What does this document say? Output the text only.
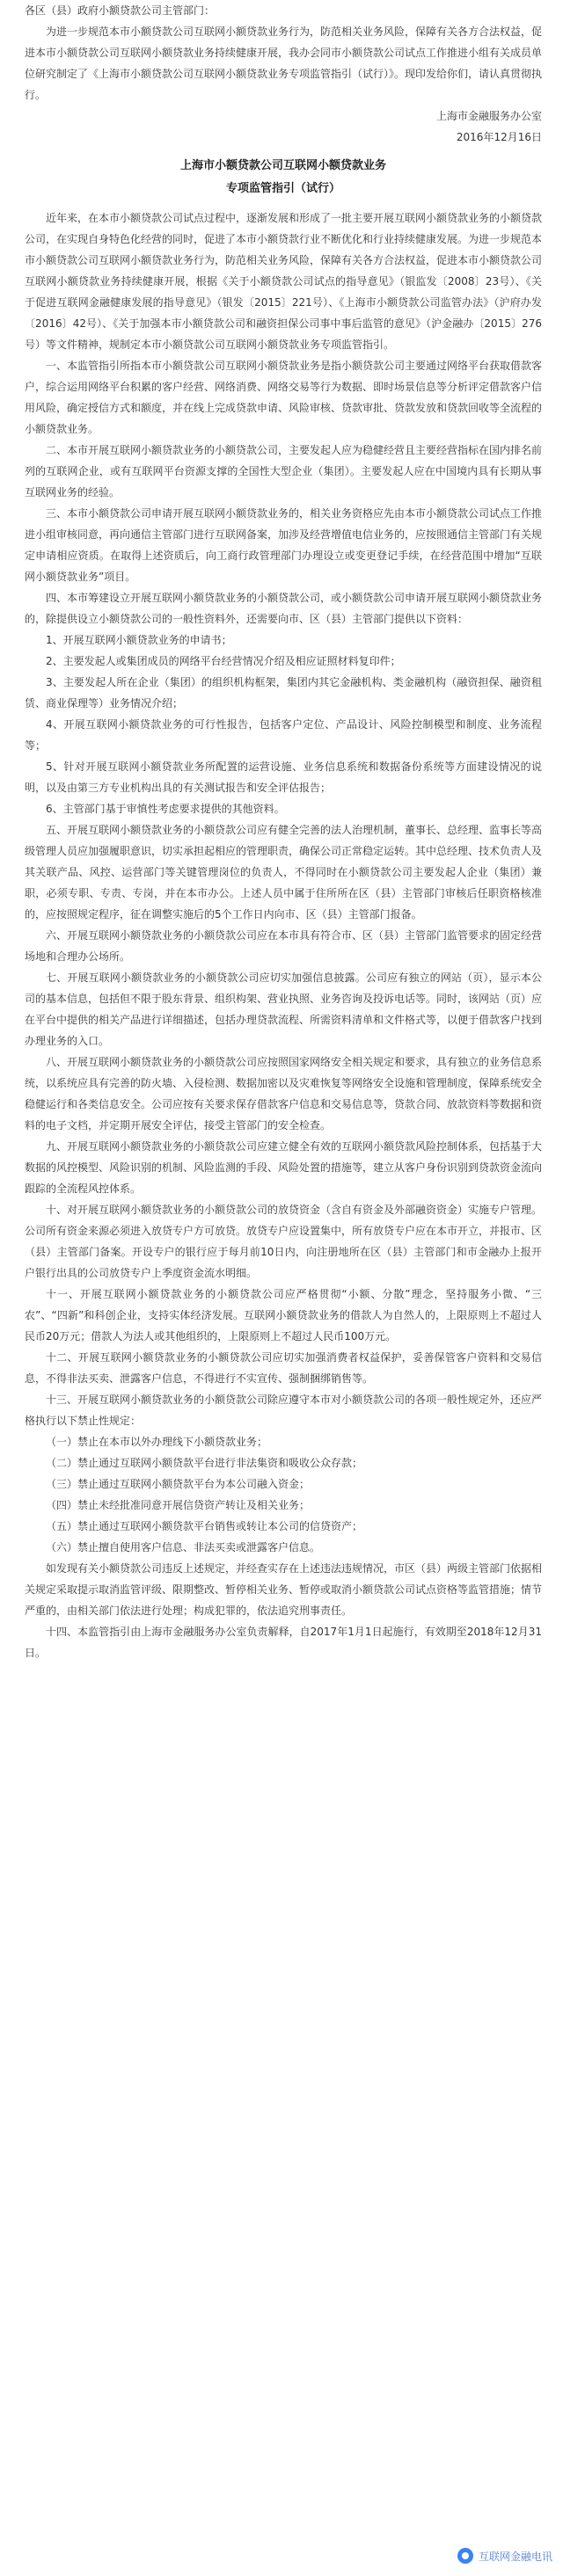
各区（县）政府小额贷款公司主管部门：

为进一步规范本市小额贷款公司互联网小额贷款业务行为，防范相关业务风险，保障有关各方合法权益，促进本市小额贷款公司互联网小额贷款业务持续健康开展，我办会同市小额贷款公司试点工作推进小组有关成员单位研究制定了《上海市小额贷款公司互联网小额贷款业务专项监管指引（试行）》。现印发给你们，请认真贯彻执行。

上海市金融服务办公室

2016年12月16日

上海市小额贷款公司互联网小额贷款业务

专项监管指引（试行）

近年来，在本市小额贷款公司试点过程中，逐渐发展和形成了一批主要开展互联网小额贷款业务的小额贷款公司，在实现自身特色化经营的同时，促进了本市小额贷款行业不断优化和行业持续健康发展。为进一步规范本市小额贷款公司互联网小额贷款业务行为，防范相关业务风险，保障有关各方合法权益，促进本市小额贷款公司互联网小额贷款业务持续健康开展，根据《关于小额贷款公司试点的指导意见》（银监发〔2008〕23号）、《关于促进互联网金融健康发展的指导意见》（银发〔2015〕221号）、《上海市小额贷款公司监管办法》（沪府办发〔2016〕42号）、《关于加强本市小额贷款公司和融资担保公司事中事后监管的意见》（沪金融办〔2015〕276号）等文件精神，规制定本市小额贷款公司互联网小额贷款业务专项监管指引。

一、本监管指引所指本市小额贷款公司互联网小额贷款业务是指小额贷款公司主要通过网络平台获取借款客户，综合运用网络平台积累的客户经营、网络消费、网络交易等行为数据、即时场景信息等分析评定借款客户信用风险，确定授信方式和额度，并在线上完成贷款申请、风险审核、贷款审批、贷款发放和贷款回收等全流程的小额贷款业务。

二、本市开展互联网小额贷款业务的小额贷款公司，主要发起人应为稳健经营且主要经营指标在国内排名前列的互联网企业，或有互联网平台资源支撑的全国性大型企业（集团）。主要发起人应在中国境内具有长期从事互联网业务的经验。

三、本市小额贷款公司申请开展互联网小额贷款业务的，相关业务资格应先由本市小额贷款公司试点工作推进小组审核同意，再向通信主管部门进行互联网备案，加涉及经营增值电信业务的，应按照通信主管部门有关规定申请相应资质。在取得上述资质后，向工商行政管理部门办理设立或变更登记手续，在经营范围中增加“互联网小额贷款业务”项目。

四、本市筹建设立开展互联网小额贷款业务的小额贷款公司，或小额贷款公司申请开展互联网小额贷款业务的，除提供设立小额贷款公司的一般性资料外，还需要向市、区（县）主管部门提供以下资料：

1、开展互联网小额贷款业务的申请书；

2、主要发起人或集团成员的网络平台经营情况介绍及相应证照材料复印件；

3、主要发起人所在企业（集团）的组织机构框架，集团内其它金融机构、类金融机构（融资担保、融资租赁、商业保理等）业务情况介绍；

4、开展互联网小额贷款业务的可行性报告，包括客户定位、产品设计、风险控制模型和制度、业务流程等；

5、针对开展互联网小额贷款业务所配置的运营设施、业务信息系统和数据备份系统等方面建设情况的说明，以及由第三方专业机构出具的有关测试报告和安全评估报告；

6、主管部门基于审慎性考虑要求提供的其他资料。

五、开展互联网小额贷款业务的小额贷款公司应有健全完善的法人治理机制，董事长、总经理、监事长等高级管理人员应加强履职意识，切实承担起相应的管理职责，确保公司正常稳定运转。其中总经理、技术负责人及其关联产品、风控、运营部门等关键管理岗位的负责人，不得同时在小额贷款公司主要发起人企业（集团）兼职，必须专职、专责、专岗，并在本市办公。上述人员中属于住所所在区（县）主管部门审核后任职资格核准的，应按照规定程序，征在调整实施后的5个工作日内向市、区（县）主管部门报备。

六、开展互联网小额贷款业务的小额贷款公司应在本市具有符合市、区（县）主管部门监管要求的固定经营场地和合理办公场所。

七、开展互联网小额贷款业务的小额贷款公司应切实加强信息披露。公司应有独立的网站（页），显示本公司的基本信息，包括但不限于股东背景、组织构架、营业执照、业务咨询及投诉电话等。同时，该网站（页）应在平台中提供的相关产品进行详细描述，包括办理贷款流程、所需资料清单和文件格式等，以便于借款客户找到办理业务的入口。

八、开展互联网小额贷款业务的小额贷款公司应按照国家网络安全相关规定和要求，具有独立的业务信息系统，以系统应具有完善的防火墙、入侵检测、数据加密以及灾难恢复等网络安全设施和管理制度，保障系统安全稳健运行和各类信息安全。公司应按有关要求保存借款客户信息和交易信息等，贷款合同、放款资料等数据和资料的电子文档，并定期开展安全评估，接受主管部门的安全检查。

九、开展互联网小额贷款业务的小额贷款公司应建立健全有效的互联网小额贷款风险控制体系，包括基于大数据的风控模型、风险识别的机制、风险监测的手段、风险处置的措施等，建立从客户身份识别到贷款资金流向跟踪的全流程风控体系。

十、对开展互联网小额贷款业务的小额贷款公司的放贷资金（含自有资金及外部融资资金）实施专户管理。公司所有资金来源必须进入放贷专户方可放贷。放贷专户应设置集中，所有放贷专户应在本市开立，并报市、区（县）主管部门备案。开设专户的银行应于每月前10日内，向注册地所在区（县）主管部门和市金融办上报开户银行出具的公司放贷专户上季度资金流水明细。

十一、开展互联网小额贷款业务的小额贷款公司应严格贯彻“小额、分散”理念，坚持服务小微、“三农”、“四新”和科创企业，支持实体经济发展。互联网小额贷款业务的借款人为自然人的，上限原则上不超过人民币20万元；借款人为法人或其他组织的，上限原则上不超过人民币100万元。

十二、开展互联网小额贷款业务的小额贷款公司应切实加强消费者权益保护，妥善保管客户资料和交易信息，不得非法买卖、泄露客户信息，不得进行不实宣传、强制捆绑销售等。

十三、开展互联网小额贷款业务的小额贷款公司除应遵守本市对小额贷款公司的各项一般性规定外，还应严格执行以下禁止性规定：

（一）禁止在本市以外办理线下小额贷款业务；

（二）禁止通过互联网小额贷款平台进行非法集资和吸收公众存款；

（三）禁止通过互联网小额贷款平台为本公司融入资金；

（四）禁止未经批准同意开展信贷资产转让及相关业务；

（五）禁止通过互联网小额贷款平台销售或转让本公司的信贷资产；

（六）禁止擅自使用客户信息、非法买卖或泄露客户信息。

如发现有关小额贷款公司违反上述规定，并经查实存在上述违法违规情况，市区（县）两级主管部门依据相关规定采取提示取消监管评级、限期整改、暂停相关业务、暂停或取消小额贷款公司试点资格等监管措施；情节严重的，由相关部门依法进行处理；构成犯罪的，依法追究刑事责任。

十四、本监管指引由上海市金融服务办公室负责解释，自2017年1月1日起施行，有效期至2018年12月31日。

互联网金融电讯
